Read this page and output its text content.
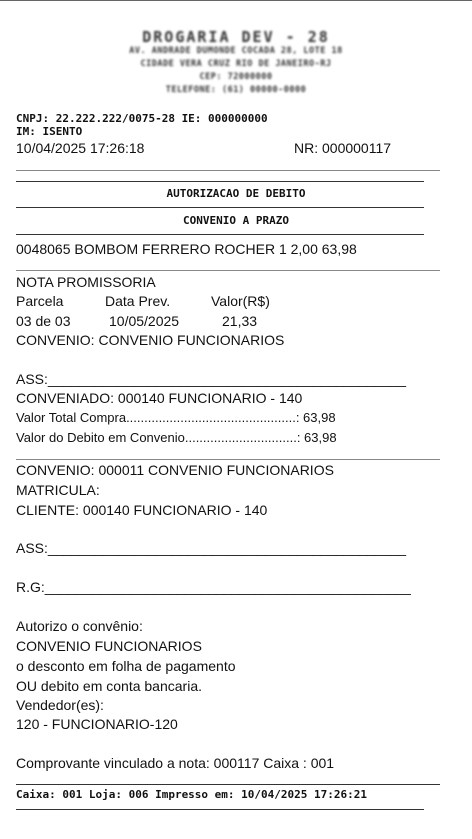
DROGARIA DEV - 28
AV. ANDRADE DUMONDE COCADA 28, LOTE 18
CIDADE VERA CRUZ RIO DE JANEIRO-RJ
CEP: 72000000
TELEFONE: (61) 00000-0000
CNPJ: 22.222.222/0075-28 IE: 000000000
IM: ISENTO
10/04/2025 17:26:18	NR: 000000117
AUTORIZACAO DE DEBITO
CONVENIO A PRAZO
0048065 BOMBOM FERRERO ROCHER 1 2,00 63,98
NOTA PROMISSORIA
Parcela	Data Prev.	Valor(R$)
03 de 03	10/05/2025	21,33
CONVENIO: CONVENIO FUNCIONARIOS
ASS:______________________________________________
CONVENIADO: 000140 FUNCIONARIO - 140
Valor Total Compra...............................................: 63,98
Valor do Debito em Convenio...............................: 63,98
CONVENIO: 000011 CONVENIO FUNCIONARIOS
MATRICULA:
CLIENTE: 000140 FUNCIONARIO - 140
ASS:______________________________________________
R.G:_______________________________________________
Autorizo o convênio:
CONVENIO FUNCIONARIOS
o desconto em folha de pagamento
OU debito em conta bancaria.
Vendedor(es):
120 - FUNCIONARIO-120
Comprovante vinculado a nota: 000117 Caixa : 001
Caixa: 001 Loja: 006 Impresso em: 10/04/2025 17:26:21
